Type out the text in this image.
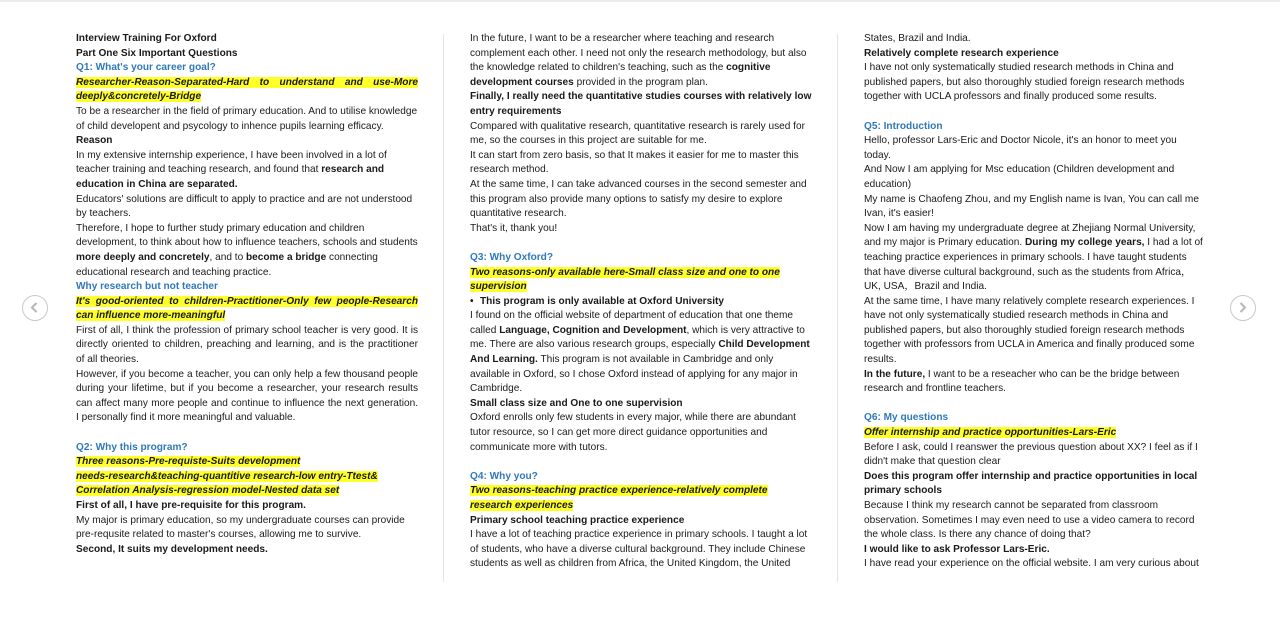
Interview Training For Oxford

Part One Six Important Questions

Q1: What's your career goal?

Researcher-Reason-Separated-Hard to understand and use-More

deeply&concretely-Bridge

To be a researcher in the field of primary education. And to utilise knowledge of child developent and psycology to inhence pupils learning efficacy.

Reason

In my extensive internship experience, I have been involved in a lot of teacher training and teaching research, and found that research and education in China are separated.

Educators' solutions are difficult to apply to practice and are not understood by teachers.

Therefore, I hope to further study primary education and children development, to think about how to influence teachers, schools and students more deeply and concretely, and to become a bridge connecting educational research and teaching practice.

Why research but not teacher

It's good-oriented to children-Practitioner-Only few people-Research

can influence more-meaningful

First of all, I think the profession of primary school teacher is very good. It is directly oriented to children, preaching and learning, and is the practitioner of all theories.

However, if you become a teacher, you can only help a few thousand people during your lifetime, but if you become a researcher, your research results can affect many more people and continue to influence the next generation. I personally find it more meaningful and valuable.

Q2: Why this program?

Three reasons-Pre-requiste-Suits development

needs-research&teaching-quantitive research-low entry-Ttest&

Correlation Analysis-regression model-Nested data set

First of all, I have pre-requisite for this program.

My major is primary education, so my undergraduate courses can provide pre-requsite related to master's courses, allowing me to survive.

Second, It suits my development needs.

In the future, I want to be a researcher where teaching and research complement each other. I need not only the research methodology, but also the knowledge related to children's teaching, such as the cognitive development courses provided in the program plan.

Finally, I really need the quantitative studies courses with relatively low entry requirements

Compared with qualitative research, quantitative research is rarely used for me, so the courses in this project are suitable for me.

It can start from zero basis, so that It makes it easier for me to master this research method.

At the same time, I can take advanced courses in the second semester and this program also provide many options to satisfy my desire to explore quantitative research.

That's it, thank you!

Q3: Why Oxford?

Two reasons-only available here-Small class size and one to one

supervision

• This program is only available at Oxford University

I found on the official website of department of education that one theme called Language, Cognition and Development, which is very attractive to me. There are also various research groups, especially Child Development And Learning. This program is not available in Cambridge and only available in Oxford, so I chose Oxford instead of applying for any major in Cambridge.

Small class size and One to one supervision

Oxford enrolls only few students in every major, while there are abundant tutor resource, so I can get more direct guidance opportunities and communicate more with tutors.

Q4: Why you?

Two reasons-teaching practice experience-relatively complete

research experiences

Primary school teaching practice experience

I have a lot of teaching practice experience in primary schools. I taught a lot of students, who have a diverse cultural background. They include Chinese students as well as children from Africa, the United Kingdom, the United

States, Brazil and India.

Relatively complete research experience

I have not only systematically studied research methods in China and published papers, but also thoroughly studied foreign research methods together with UCLA professors and finally produced some results.

Q5: Introduction

Hello, professor Lars-Eric and Doctor Nicole, it's an honor to meet you today.

And Now I am applying for Msc education (Children development and education)

My name is Chaofeng Zhou, and my English name is Ivan, You can call me Ivan, it's easier!

Now I am having my undergraduate degree at Zhejiang Normal University, and my major is Primary education. During my college years, I had a lot of teaching practice experiences in primary schools. I have taught students that have diverse cultural background, such as the students from Africa，UK, USA，Brazil and India.

At the same time, I have many relatively complete research experiences. I have not only systematically studied research methods in China and published papers, but also thoroughly studied foreign research methods together with professors from UCLA in America and finally produced some results.

In the future, I want to be a reseacher who can be the bridge between research and frontline teachers.

Q6: My questions

Offer internship and practice opportunities-Lars-Eric

Before I ask, could I reanswer the previous question about XX? I feel as if I didn't make that question clear

Does this program offer internship and practice opportunities in local primary schools

Because I think my research cannot be separated from classroom observation. Sometimes I may even need to use a video camera to record the whole class. Is there any chance of doing that?

I would like to ask Professor Lars-Eric.

I have read your experience on the official website. I am very curious about
